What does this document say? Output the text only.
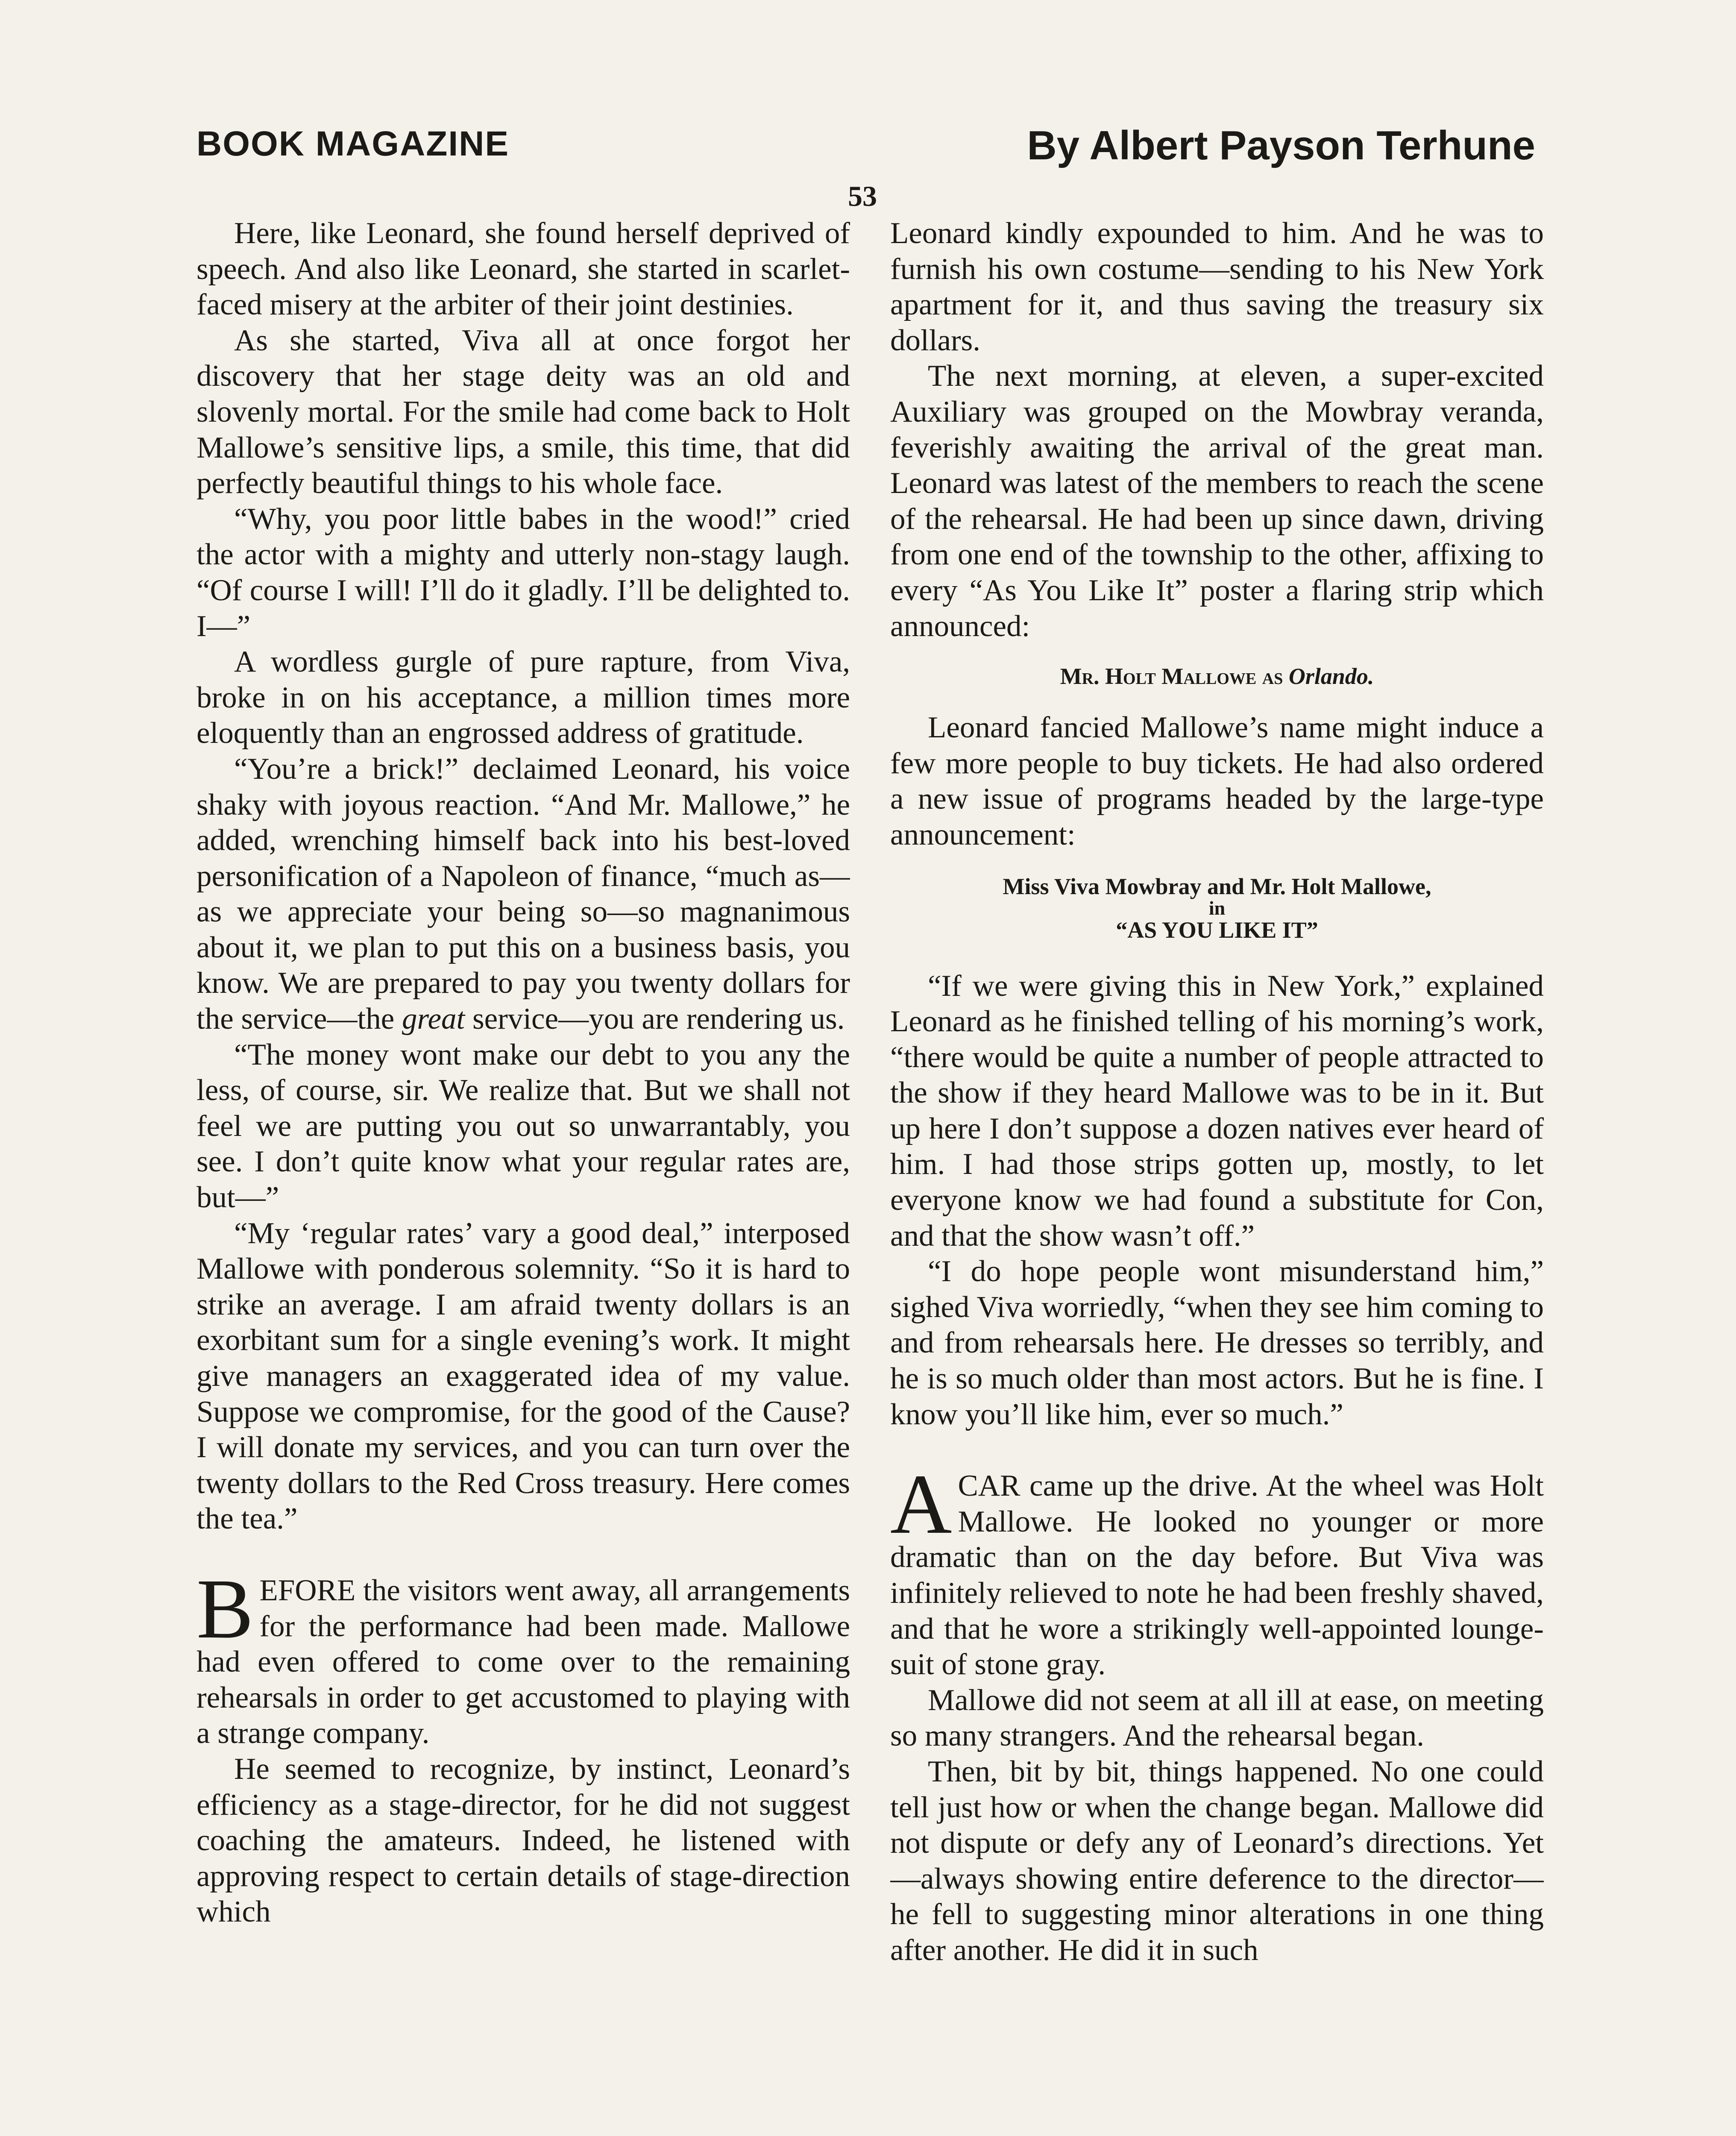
BOOK MAGAZINE	By Albert Payson Terhune
53

Here, like Leonard, she found herself deprived of speech. And also like Leonard, she started in scarlet-faced misery at the arbiter of their joint destinies.

As she started, Viva all at once forgot her discovery that her stage deity was an old and slovenly mortal. For the smile had come back to Holt Mallowe’s sensitive lips, a smile, this time, that did perfectly beautiful things to his whole face.

“Why, you poor little babes in the wood!” cried the actor with a mighty and utterly non-stagy laugh. “Of course I will! I’ll do it gladly. I’ll be delighted to. I—”

A wordless gurgle of pure rapture, from Viva, broke in on his acceptance, a million times more eloquently than an engrossed address of gratitude.

“You’re a brick!” declaimed Leonard, his voice shaky with joyous reaction. “And Mr. Mallowe,” he added, wrenching himself back into his best-loved personification of a Napoleon of finance, “much as—as we appreciate your being so—so magnanimous about it, we plan to put this on a business basis, you know. We are prepared to pay you twenty dollars for the service—the great service—you are rendering us.

“The money wont make our debt to you any the less, of course, sir. We realize that. But we shall not feel we are putting you out so unwarrantably, you see. I don’t quite know what your regular rates are, but—”

“My ‘regular rates’ vary a good deal,” interposed Mallowe with ponderous solemnity. “So it is hard to strike an average. I am afraid twenty dollars is an exorbitant sum for a single evening’s work. It might give managers an exaggerated idea of my value. Suppose we compromise, for the good of the Cause? I will donate my services, and you can turn over the twenty dollars to the Red Cross treasury. Here comes the tea.”

BEFORE the visitors went away, all arrangements for the performance had been made. Mallowe had even offered to come over to the remaining rehearsals in order to get accustomed to playing with a strange company.

He seemed to recognize, by instinct, Leonard’s efficiency as a stage-director, for he did not suggest coaching the amateurs. Indeed, he listened with approving respect to certain details of stage-direction which

Leonard kindly expounded to him. And he was to furnish his own costume—sending to his New York apartment for it, and thus saving the treasury six dollars.

The next morning, at eleven, a super-excited Auxiliary was grouped on the Mowbray veranda, feverishly awaiting the arrival of the great man. Leonard was latest of the members to reach the scene of the rehearsal. He had been up since dawn, driving from one end of the township to the other, affixing to every “As You Like It” poster a flaring strip which announced:

Mr. Holt Mallowe as Orlando.

Leonard fancied Mallowe’s name might induce a few more people to buy tickets. He had also ordered a new issue of programs headed by the large-type announcement:

Miss Viva Mowbray and Mr. Holt Mallowe,
in
“AS YOU LIKE IT”

“If we were giving this in New York,” explained Leonard as he finished telling of his morning’s work, “there would be quite a number of people attracted to the show if they heard Mallowe was to be in it. But up here I don’t suppose a dozen natives ever heard of him. I had those strips gotten up, mostly, to let everyone know we had found a substitute for Con, and that the show wasn’t off.”

“I do hope people wont misunderstand him,” sighed Viva worriedly, “when they see him coming to and from rehearsals here. He dresses so terribly, and he is so much older than most actors. But he is fine. I know you’ll like him, ever so much.”

ACAR came up the drive. At the wheel was Holt Mallowe. He looked no younger or more dramatic than on the day before. But Viva was infinitely relieved to note he had been freshly shaved, and that he wore a strikingly well-appointed lounge-suit of stone gray.

Mallowe did not seem at all ill at ease, on meeting so many strangers. And the rehearsal began.

Then, bit by bit, things happened. No one could tell just how or when the change began. Mallowe did not dispute or defy any of Leonard’s directions. Yet—always showing entire deference to the director—he fell to suggesting minor alterations in one thing after another. He did it in such
